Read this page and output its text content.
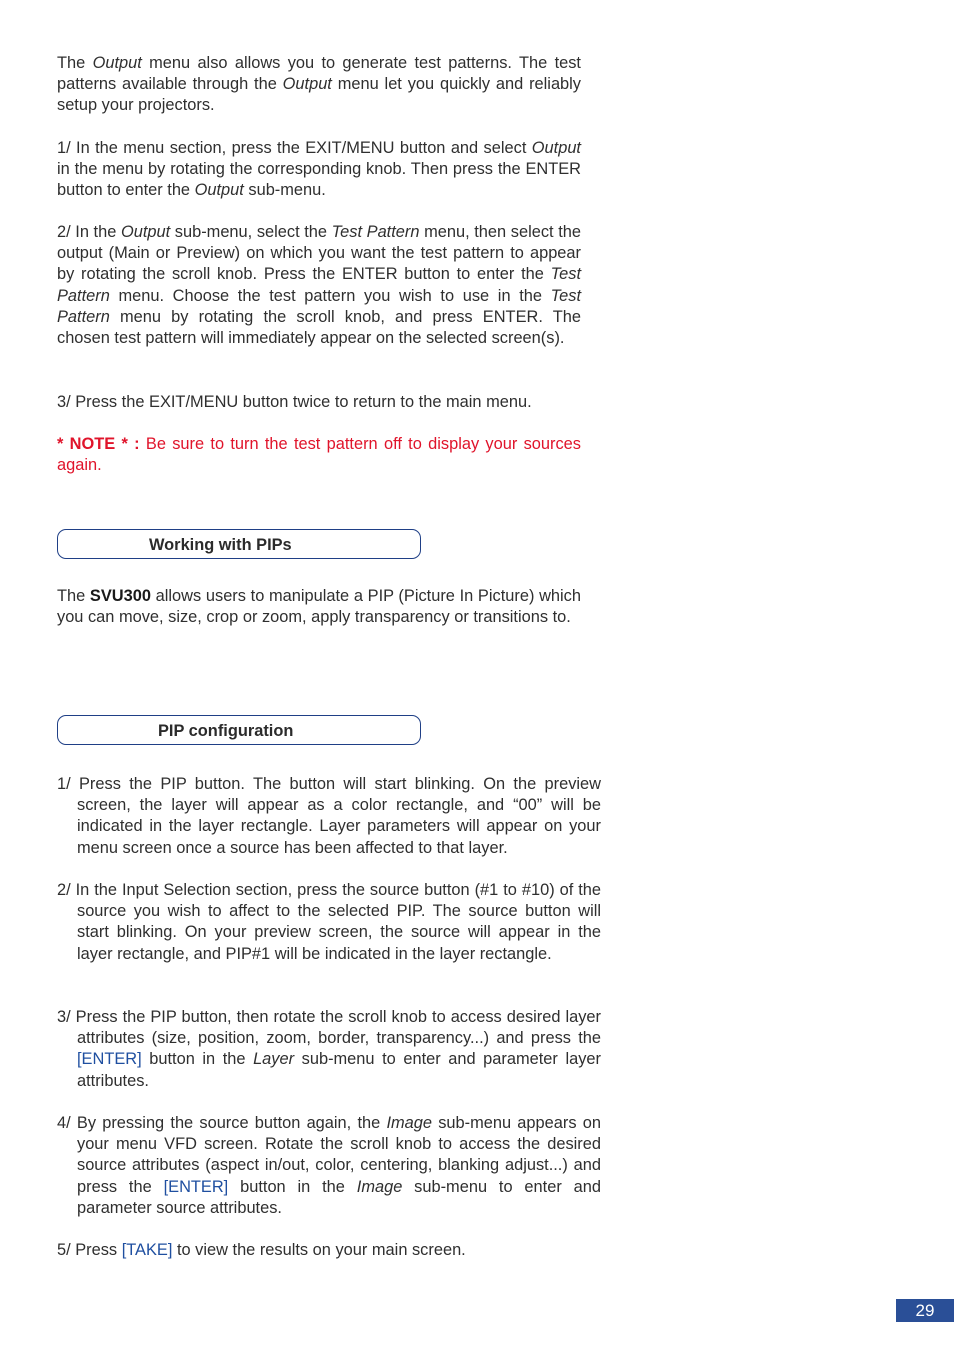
The Output menu also allows you to generate test patterns. The test patterns available through the Output menu let you quickly and reliably setup your projectors.

1/ In the menu section, press the EXIT/MENU button and select Output in the menu by rotating the corresponding knob. Then press the ENTER button to enter the Output sub-menu.

2/ In the Output sub-menu, select the Test Pattern menu, then select the output (Main or Preview) on which you want the test pattern to appear by rotating the scroll knob. Press the ENTER button to enter the Test Pattern menu. Choose the test pattern you wish to use in the Test Pattern menu by rotating the scroll knob, and press ENTER. The chosen test pattern will immediately appear on the selected screen(s).

3/ Press the EXIT/MENU button twice to return to the main menu.

* NOTE * : Be sure to turn the test pattern off to display your sources again.

Working with PIPs

The SVU300 allows users to manipulate a PIP (Picture In Picture) which you can move, size, crop or zoom, apply transparency or transitions to.

PIP configuration

1/ Press the PIP button. The button will start blinking. On the preview screen, the layer will appear as a color rectangle, and “00” will be indicated in the layer rectangle. Layer parameters will appear on your menu screen once a source has been affected to that layer.

2/ In the Input Selection section, press the source button (#1 to #10) of the source you wish to affect to the selected PIP. The source button will start blinking. On your preview screen, the source will appear in the layer rectangle, and PIP#1 will be indicated in the layer rectangle.

3/ Press the PIP button, then rotate the scroll knob to access desired layer attributes (size, position, zoom, border, transparency...) and press the [ENTER] button in the Layer sub-menu to enter and parameter layer attributes.

4/ By pressing the source button again, the Image sub-menu appears on your menu VFD screen. Rotate the scroll knob to access the desired source attributes (aspect in/out, color, centering, blanking adjust...) and press the [ENTER] button in the Image sub-menu to enter and parameter source attributes.

5/ Press [TAKE] to view the results on your main screen.

29
